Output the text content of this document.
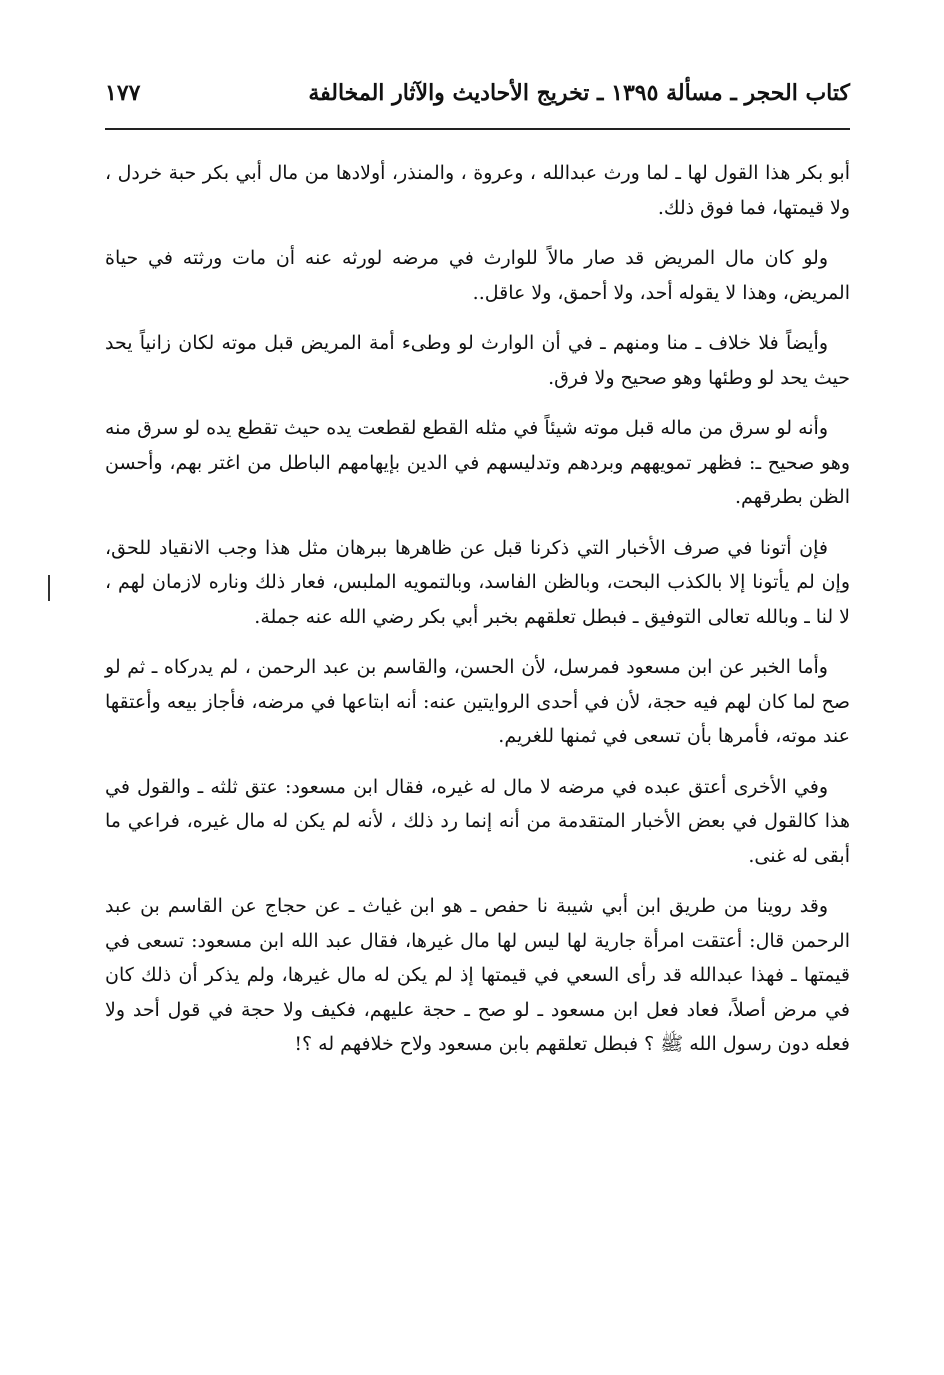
كتاب الحجر ـ مسألة ١٣٩٥ ـ تخريج الأحاديث والآثار المخالفة
١٧٧

أبو بكر هذا القول لها ـ لما ورث عبدالله ، وعروة ، والمنذر، أولادها من مال أبي بكر حبة خردل ، ولا قيمتها، فما فوق ذلك.

ولو كان مال المريض قد صار مالاً للوارث في مرضه لورثه عنه أن مات ورثته في حياة المريض، وهذا لا يقوله أحد، ولا أحمق، ولا عاقل..

وأيضاً فلا خلاف ـ منا ومنهم ـ في أن الوارث لو وطىء أمة المريض قبل موته لكان زانياً يحد حيث يحد لو وطئها وهو صحيح ولا فرق.

وأنه لو سرق من ماله قبل موته شيئاً في مثله القطع لقطعت يده حيث تقطع يده لو سرق منه وهو صحيح ـ: فظهر تمويههم وبردهم وتدليسهم في الدين بإيهامهم الباطل من اغتر بهم، وأحسن الظن بطرقهم.

فإن أتونا في صرف الأخبار التي ذكرنا قبل عن ظاهرها ببرهان مثل هذا وجب الانقياد للحق، وإن لم يأتونا إلا بالكذب البحت، وبالظن الفاسد، وبالتمويه الملبس، فعار ذلك وناره لازمان لهم ، لا لنا ـ وبالله تعالى التوفيق ـ فبطل تعلقهم بخبر أبي بكر رضي الله عنه جملة.

وأما الخبر عن ابن مسعود فمرسل، لأن الحسن، والقاسم بن عبد الرحمن ، لم يدركاه ـ ثم لو صح لما كان لهم فيه حجة، لأن في أحدى الروايتين عنه: أنه ابتاعها في مرضه، فأجاز بيعه وأعتقها عند موته، فأمرها بأن تسعى في ثمنها للغريم.

وفي الأخرى أعتق عبده في مرضه لا مال له غيره، فقال ابن مسعود: عتق ثلثه ـ والقول في هذا كالقول في بعض الأخبار المتقدمة من أنه إنما رد ذلك ، لأنه لم يكن له مال غيره، فراعي ما أبقى له غنى.

وقد روينا من طريق ابن أبي شيبة نا حفص ـ هو ابن غياث ـ عن حجاج عن القاسم بن عبد الرحمن قال: أعتقت امرأة جارية لها ليس لها مال غيرها، فقال عبد الله ابن مسعود: تسعى في قيمتها ـ فهذا عبدالله قد رأى السعي في قيمتها إذ لم يكن له مال غيرها، ولم يذكر أن ذلك كان في مرض أصلاً، فعاد فعل ابن مسعود ـ لو صح ـ حجة عليهم، فكيف ولا حجة في قول أحد ولا فعله دون رسول الله ﷺ ؟ فبطل تعلقهم بابن مسعود ولاح خلافهم له ؟!
